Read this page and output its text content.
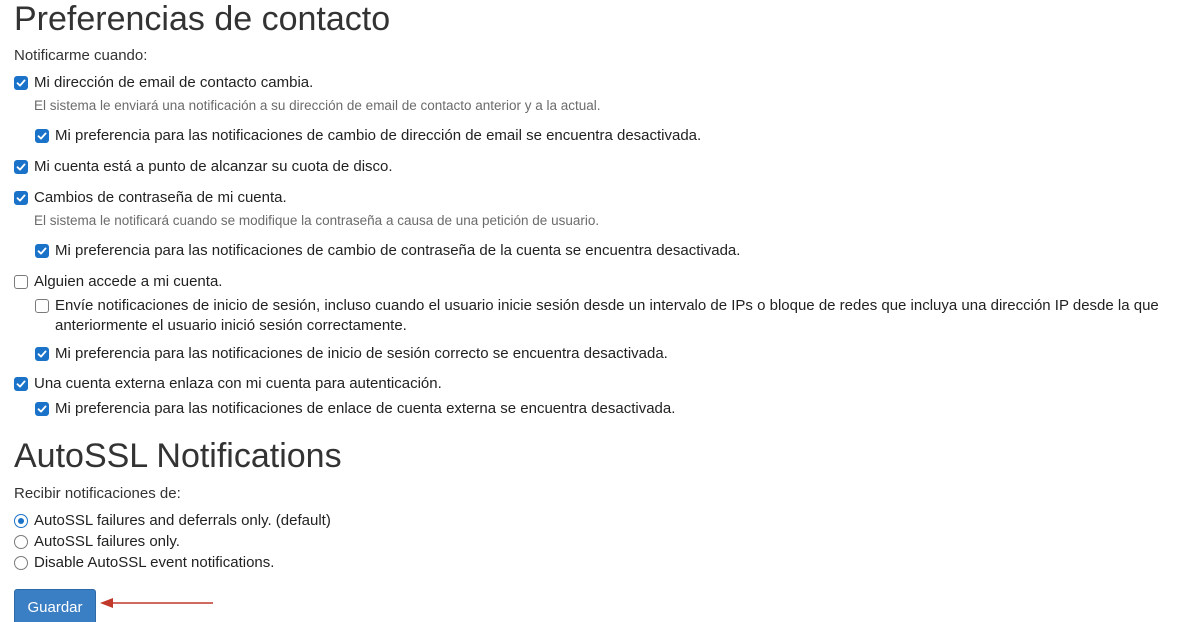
Preferencias de contacto
Notificarme cuando:
Mi dirección de email de contacto cambia.
El sistema le enviará una notificación a su dirección de email de contacto anterior y a la actual.
Mi preferencia para las notificaciones de cambio de dirección de email se encuentra desactivada.
Mi cuenta está a punto de alcanzar su cuota de disco.
Cambios de contraseña de mi cuenta.
El sistema le notificará cuando se modifique la contraseña a causa de una petición de usuario.
Mi preferencia para las notificaciones de cambio de contraseña de la cuenta se encuentra desactivada.
Alguien accede a mi cuenta.
Envíe notificaciones de inicio de sesión, incluso cuando el usuario inicie sesión desde un intervalo de IPs o bloque de redes que incluya una dirección IP desde la que anteriormente el usuario inició sesión correctamente.
Mi preferencia para las notificaciones de inicio de sesión correcto se encuentra desactivada.
Una cuenta externa enlaza con mi cuenta para autenticación.
Mi preferencia para las notificaciones de enlace de cuenta externa se encuentra desactivada.
AutoSSL Notifications
Recibir notificaciones de:
AutoSSL failures and deferrals only. (default)
AutoSSL failures only.
Disable AutoSSL event notifications.
Guardar
